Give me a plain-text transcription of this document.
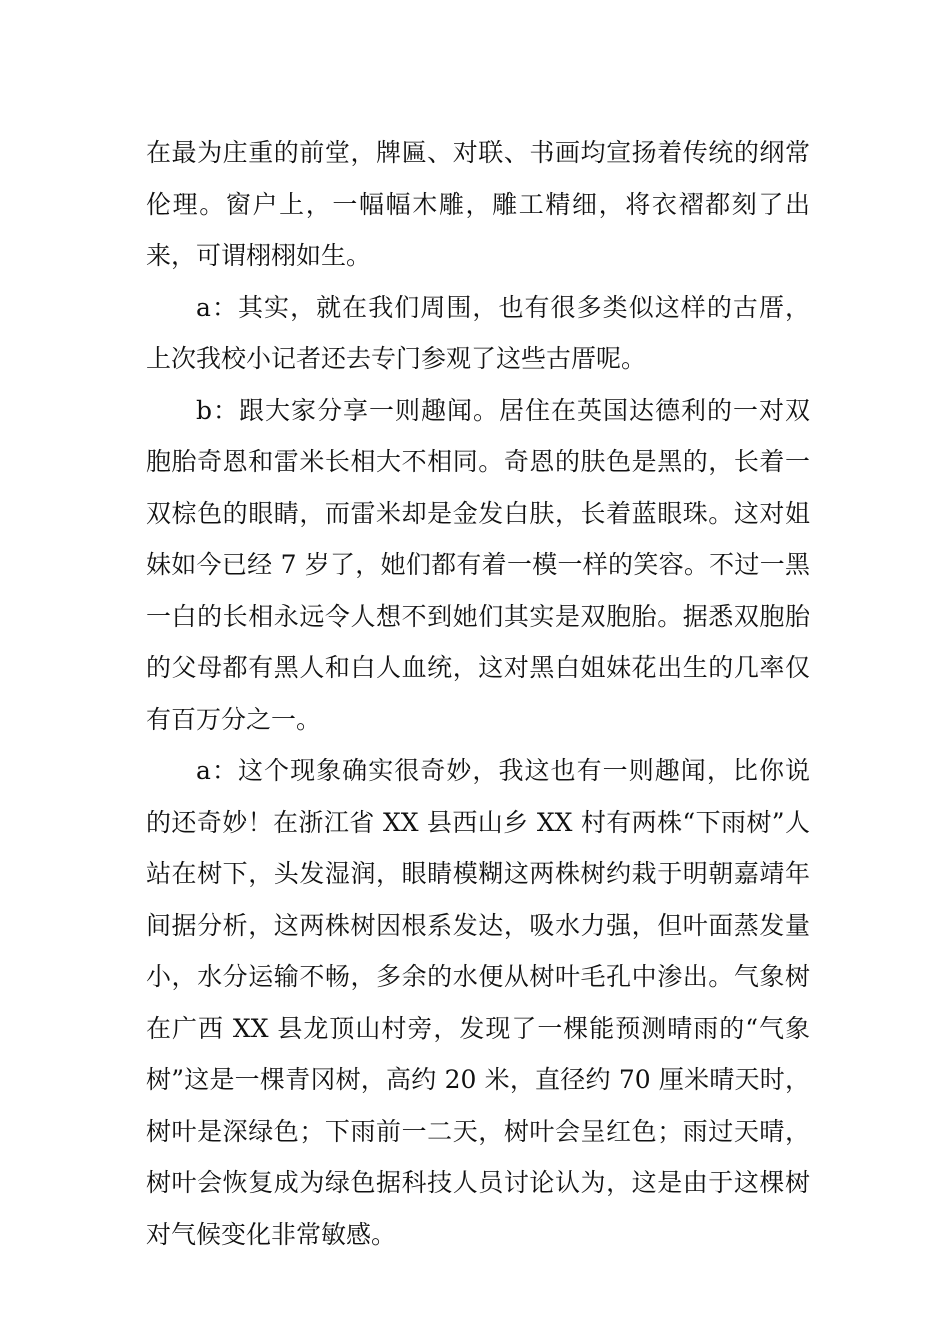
在最为庄重的前堂，牌匾、对联、书画均宣扬着传统的纲常伦理。窗户上，一幅幅木雕，雕工精细，将衣褶都刻了出来，可谓栩栩如生。

a：其实，就在我们周围，也有很多类似这样的古厝，上次我校小记者还去专门参观了这些古厝呢。

b：跟大家分享一则趣闻。居住在英国达德利的一对双胞胎奇恩和雷米长相大不相同。奇恩的肤色是黑的，长着一双棕色的眼睛，而雷米却是金发白肤，长着蓝眼珠。这对姐妹如今已经 7 岁了，她们都有着一模一样的笑容。不过一黑一白的长相永远令人想不到她们其实是双胞胎。据悉双胞胎的父母都有黑人和白人血统，这对黑白姐妹花出生的几率仅有百万分之一。

a：这个现象确实很奇妙，我这也有一则趣闻，比你说的还奇妙！在浙江省 XX 县西山乡 XX 村有两株“下雨树”人站在树下，头发湿润，眼睛模糊这两株树约栽于明朝嘉靖年间据分析，这两株树因根系发达，吸水力强，但叶面蒸发量小，水分运输不畅，多余的水便从树叶毛孔中渗出。气象树在广西 XX 县龙顶山村旁，发现了一棵能预测晴雨的“气象树”这是一棵青冈树，高约 20 米，直径约 70 厘米晴天时，树叶是深绿色；下雨前一二天，树叶会呈红色；雨过天晴，树叶会恢复成为绿色据科技人员讨论认为，这是由于这棵树对气候变化非常敏感。
